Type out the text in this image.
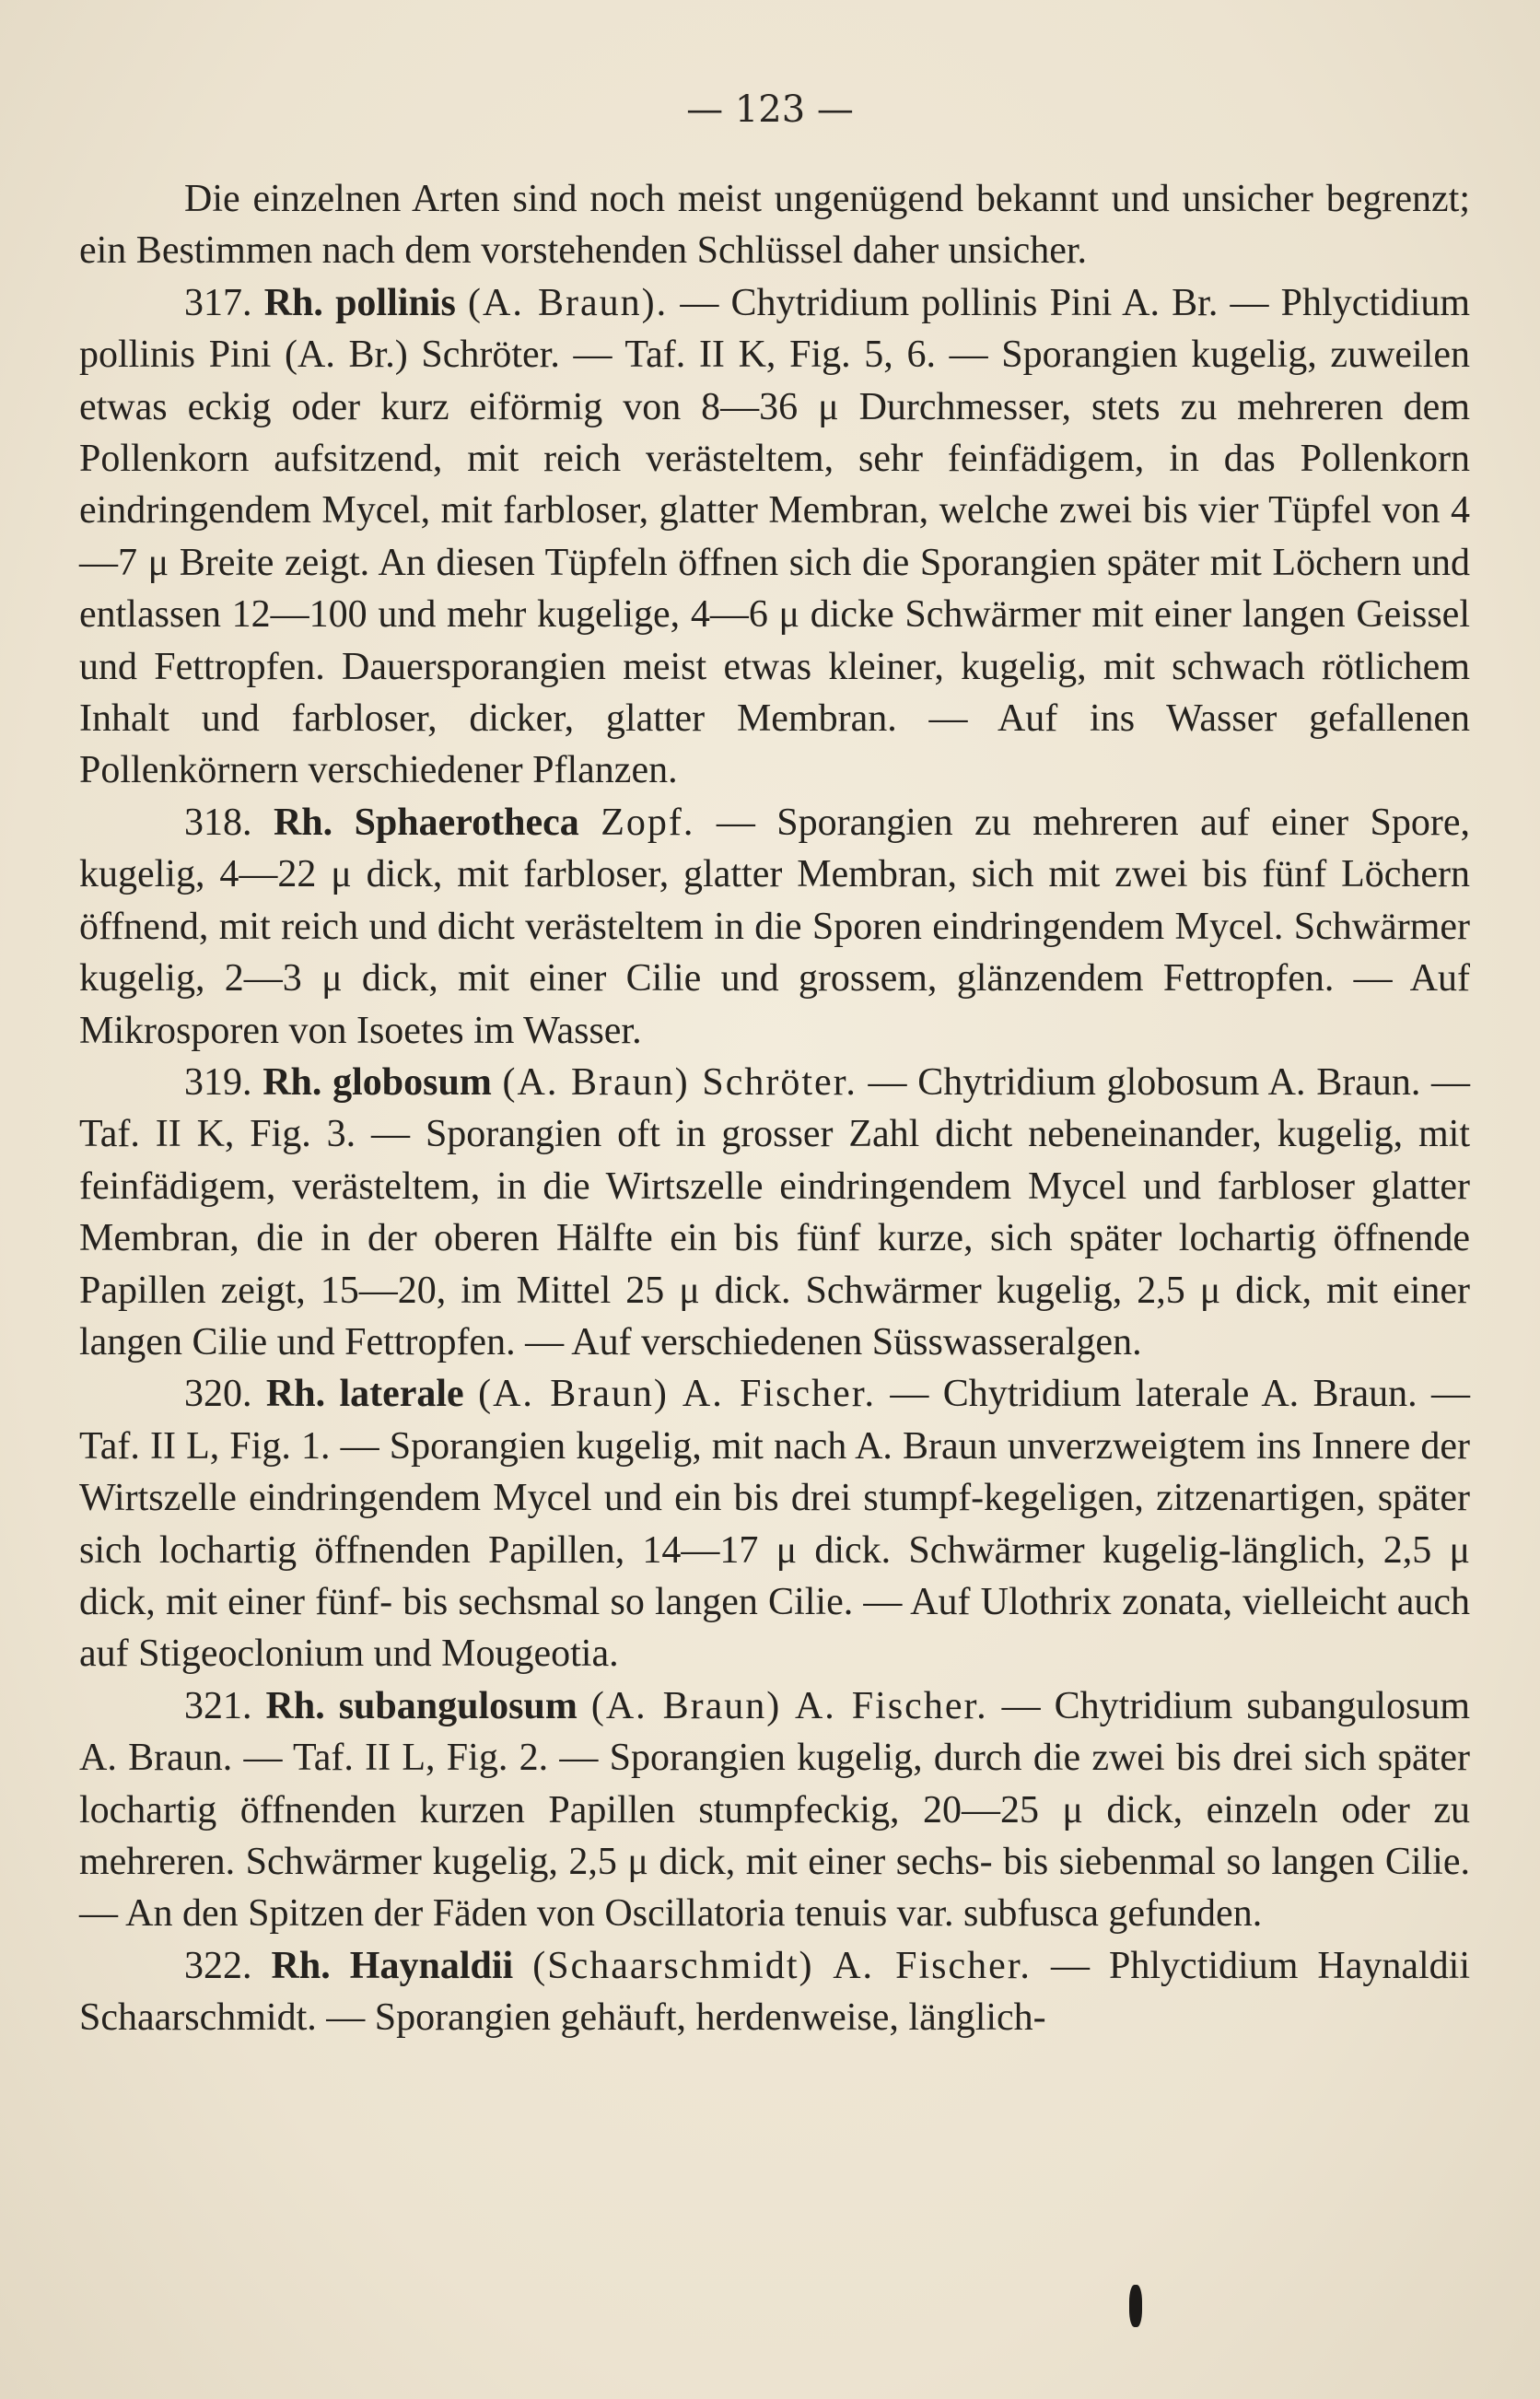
— 123 —

Die einzelnen Arten sind noch meist ungenügend bekannt und unsicher begrenzt; ein Bestimmen nach dem vorstehenden Schlüssel daher unsicher.

317. Rh. pollinis (A. Braun). — Chytridium pollinis Pini A. Br. — Phlyctidium pollinis Pini (A. Br.) Schröter. — Taf. II K, Fig. 5, 6. — Sporangien kugelig, zuweilen etwas eckig oder kurz eiförmig von 8—36 μ Durchmesser, stets zu mehreren dem Pollenkorn aufsitzend, mit reich verästeltem, sehr feinfädigem, in das Pollenkorn eindringendem Mycel, mit farbloser, glatter Membran, welche zwei bis vier Tüpfel von 4—7 μ Breite zeigt. An diesen Tüpfeln öffnen sich die Sporangien später mit Löchern und entlassen 12—100 und mehr kugelige, 4—6 μ dicke Schwärmer mit einer langen Geissel und Fettropfen. Dauersporangien meist etwas kleiner, kugelig, mit schwach rötlichem Inhalt und farbloser, dicker, glatter Membran. — Auf ins Wasser gefallenen Pollenkörnern verschiedener Pflanzen.

318. Rh. Sphaerotheca Zopf. — Sporangien zu mehreren auf einer Spore, kugelig, 4—22 μ dick, mit farbloser, glatter Membran, sich mit zwei bis fünf Löchern öffnend, mit reich und dicht verästeltem in die Sporen eindringendem Mycel. Schwärmer kugelig, 2—3 μ dick, mit einer Cilie und grossem, glänzendem Fettropfen. — Auf Mikrosporen von Isoetes im Wasser.

319. Rh. globosum (A. Braun) Schröter. — Chytridium globosum A. Braun. — Taf. II K, Fig. 3. — Sporangien oft in grosser Zahl dicht nebeneinander, kugelig, mit feinfädigem, verästeltem, in die Wirtszelle eindringendem Mycel und farbloser glatter Membran, die in der oberen Hälfte ein bis fünf kurze, sich später lochartig öffnende Papillen zeigt, 15—20, im Mittel 25 μ dick. Schwärmer kugelig, 2,5 μ dick, mit einer langen Cilie und Fettropfen. — Auf verschiedenen Süsswasseralgen.

320. Rh. laterale (A. Braun) A. Fischer. — Chytridium laterale A. Braun. — Taf. II L, Fig. 1. — Sporangien kugelig, mit nach A. Braun unverzweigtem ins Innere der Wirtszelle eindringendem Mycel und ein bis drei stumpf-kegeligen, zitzenartigen, später sich lochartig öffnenden Papillen, 14—17 μ dick. Schwärmer kugelig-länglich, 2,5 μ dick, mit einer fünf- bis sechsmal so langen Cilie. — Auf Ulothrix zonata, vielleicht auch auf Stigeoclonium und Mougeotia.

321. Rh. subangulosum (A. Braun) A. Fischer. — Chytridium subangulosum A. Braun. — Taf. II L, Fig. 2. — Sporangien kugelig, durch die zwei bis drei sich später lochartig öffnenden kurzen Papillen stumpfeckig, 20—25 μ dick, einzeln oder zu mehreren. Schwärmer kugelig, 2,5 μ dick, mit einer sechs- bis siebenmal so langen Cilie. — An den Spitzen der Fäden von Oscillatoria tenuis var. subfusca gefunden.

322. Rh. Haynaldii (Schaarschmidt) A. Fischer. — Phlyctidium Haynaldii Schaarschmidt. — Sporangien gehäuft, herdenweise, länglich-
